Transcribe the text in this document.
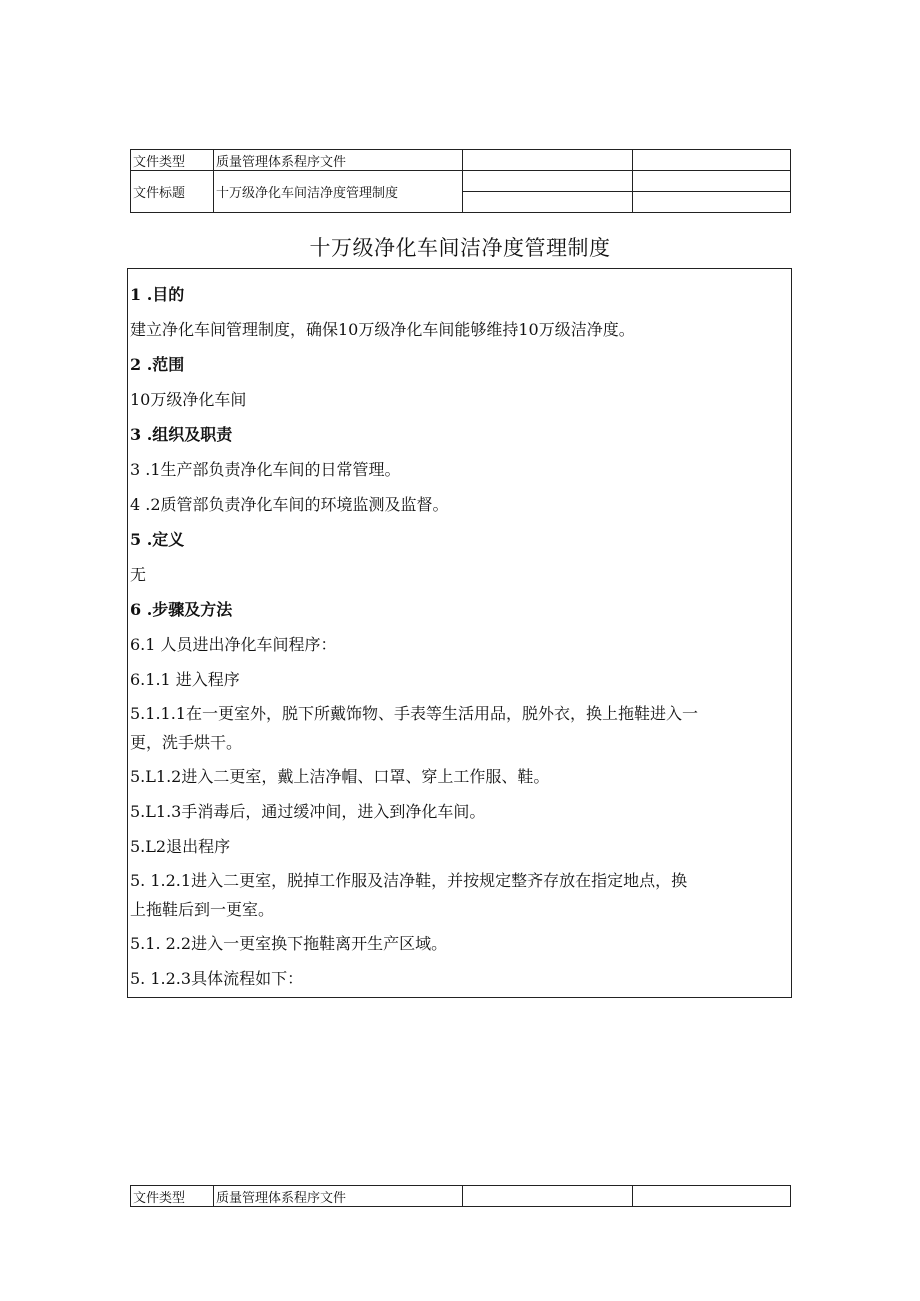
文件类型	质量管理体系程序文件		
文件标题	十万级净化车间洁净度管理制度		

十万级净化车间洁净度管理制度

1 .目的

建立净化车间管理制度，确保10万级净化车间能够维持10万级洁净度。

2 .范围

10万级净化车间

3 .组织及职责

3 .1生产部负责净化车间的日常管理。

4 .2质管部负责净化车间的环境监测及监督。

5 .定义

无

6 .步骤及方法

6.1 人员进出净化车间程序：

6.1.1 进入程序

5.1.1.1在一更室外，脱下所戴饰物、手表等生活用品，脱外衣，换上拖鞋进入一

更，洗手烘干。

5.L1.2进入二更室，戴上洁净帽、口罩、穿上工作服、鞋。

5.L1.3手消毒后，通过缓冲间，进入到净化车间。

5.L2退出程序

5. 1.2.1进入二更室，脱掉工作服及洁净鞋，并按规定整齐存放在指定地点，换

上拖鞋后到一更室。

5.1. 2.2进入一更室换下拖鞋离开生产区域。

5. 1.2.3具体流程如下：

文件类型	质量管理体系程序文件		
